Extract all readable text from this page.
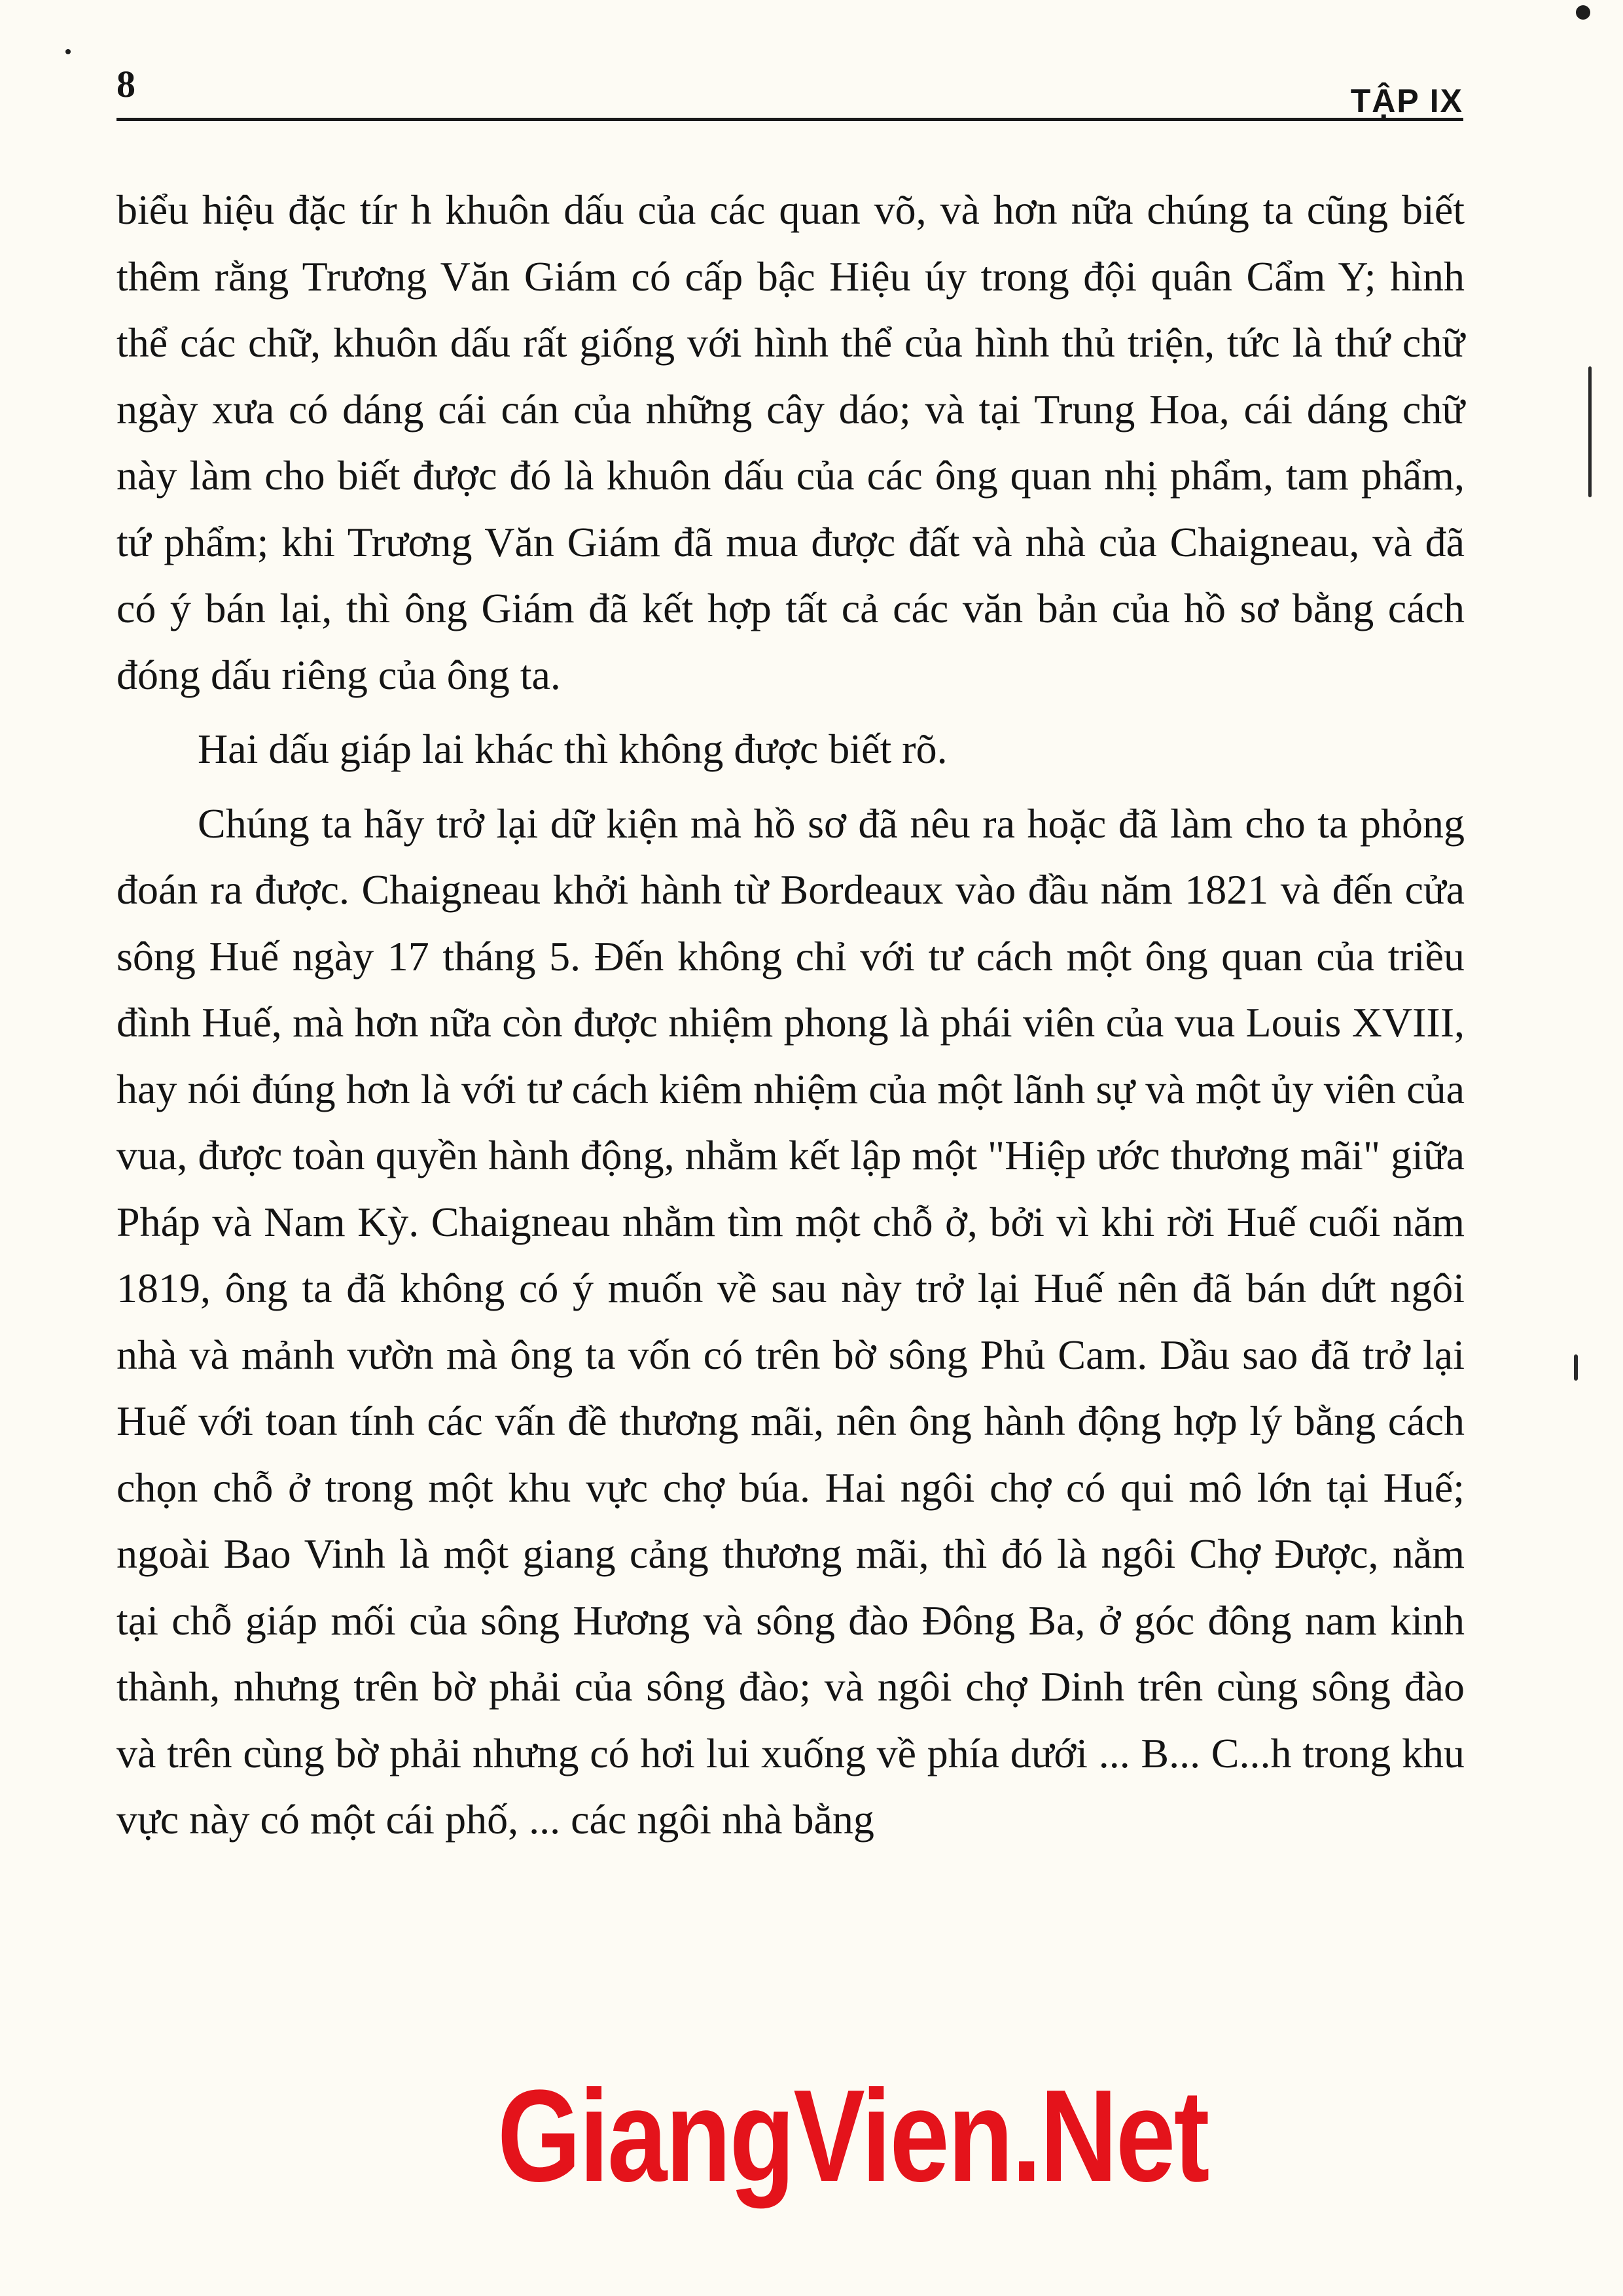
8	TẬP IX

biểu hiệu đặc tír h khuôn dấu của các quan võ, và hơn nữa chúng ta cũng biết thêm rằng Trương Văn Giám có cấp bậc Hiệu úy trong đội quân Cẩm Y; hình thể các chữ, khuôn dấu rất giống với hình thể của hình thủ triện, tức là thứ chữ ngày xưa có dáng cái cán của những cây dáo; và tại Trung Hoa, cái dáng chữ này làm cho biết được đó là khuôn dấu của các ông quan nhị phẩm, tam phẩm, tứ phẩm; khi Trương Văn Giám đã mua được đất và nhà của Chaigneau, và đã có ý bán lại, thì ông Giám đã kết hợp tất cả các văn bản của hồ sơ bằng cách đóng dấu riêng của ông ta.

Hai dấu giáp lai khác thì không được biết rõ.

Chúng ta hãy trở lại dữ kiện mà hồ sơ đã nêu ra hoặc đã làm cho ta phỏng đoán ra được. Chaigneau khởi hành từ Bordeaux vào đầu năm 1821 và đến cửa sông Huế ngày 17 tháng 5. Đến không chỉ với tư cách một ông quan của triều đình Huế, mà hơn nữa còn được nhiệm phong là phái viên của vua Louis XVIII, hay nói đúng hơn là với tư cách kiêm nhiệm của một lãnh sự và một ủy viên của vua, được toàn quyền hành động, nhằm kết lập một "Hiệp ước thương mãi" giữa Pháp và Nam Kỳ. Chaigneau nhằm tìm một chỗ ở, bởi vì khi rời Huế cuối năm 1819, ông ta đã không có ý muốn về sau này trở lại Huế nên đã bán dứt ngôi nhà và mảnh vườn mà ông ta vốn có trên bờ sông Phủ Cam. Dầu sao đã trở lại Huế với toan tính các vấn đề thương mãi, nên ông hành động hợp lý bằng cách chọn chỗ ở trong một khu vực chợ búa. Hai ngôi chợ có qui mô lớn tại Huế; ngoài Bao Vinh là một giang cảng thương mãi, thì đó là ngôi Chợ Được, nằm tại chỗ giáp mối của sông Hương và sông đào Đông Ba, ở góc đông nam kinh thành, nhưng trên bờ phải của sông đào; và ngôi chợ Dinh trên cùng sông đào và trên cùng bờ phải nhưng có hơi lui xuống về phía dưới ... B... C...h trong khu vực này có một cái phố, ... các ngôi nhà bằng

GiangVien.Net
